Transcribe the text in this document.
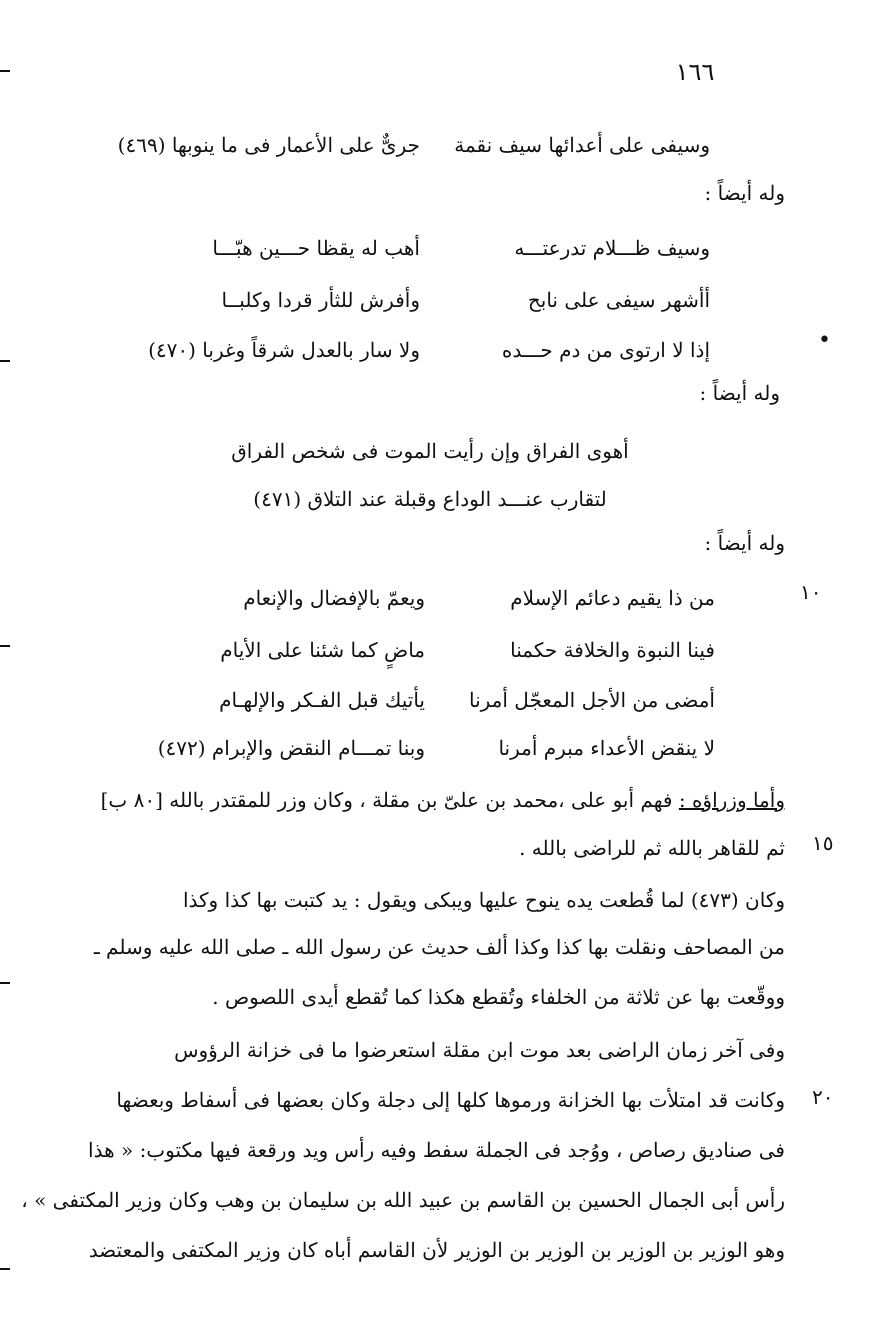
١٦٦
وسيفى على أعدائها سيف نقمة
جرىٌّ على الأعمار فى ما ينوبها (٤٦٩)
وله أيضاً :
وسيف ظـــلام تدرعتـــه
أهب له يقظا حـــين هبّـــا
أأشهر سيفى على نابح
وأفرش للثأر قردا وكلبــا
•
إذا لا ارتوى من دم حـــده
ولا سار بالعدل شرقاً وغربا (٤٧٠)
وله أيضاً :
أهوى الفراق وإن رأيت الموت فى شخص الفراق
لتقارب عنـــد الوداع وقبلة عند التلاق (٤٧١)
وله أيضاً :
١٠
من ذا يقيم دعائم الإسلام
ويعمّ بالإفضال والإنعام
فينا النبوة والخلافة حكمنا
ماضٍ كما شئنا على الأيام
أمضى من الأجل المعجّل أمرنا
يأتيك قبل الفـكر والإلهـام
لا ينقض الأعداء مبرم أمرنا
وبنا تمـــام النقض والإبرام (٤٧٢)
وأما وزراؤه : فهم أبو على ،محمد بن علىّ بن مقلة ، وكان وزر للمقتدر بالله [٨٠ ب]
١٥
ثم للقاهر بالله ثم للراضى بالله .
وكان (٤٧٣) لما قُطعت يده ينوح عليها ويبكى ويقول : يد كتبت بها كذا وكذا
من المصاحف ونقلت بها كذا وكذا ألف حديث عن رسول الله ـ صلى الله عليه وسلم ـ
ووقّعت بها عن ثلاثة من الخلفاء وتُقطع هكذا كما تُقطع أيدى اللصوص .
وفى آخر زمان الراضى بعد موت ابن مقلة استعرضوا ما فى خزانة الرؤوس
٢٠
وكانت قد امتلأت بها الخزانة ورموها كلها إلى دجلة وكان بعضها فى أسفاط وبعضها
فى صناديق رصاص ، ووُجد فى الجملة سفط وفيه رأس ويد ورقعة فيها مكتوب: « هذا
رأس أبى الجمال الحسين بن القاسم بن عبيد الله بن سليمان بن وهب وكان وزير المكتفى » ،
وهو الوزير بن الوزير بن الوزير بن الوزير لأن القاسم أباه كان وزير المكتفى والمعتضد
